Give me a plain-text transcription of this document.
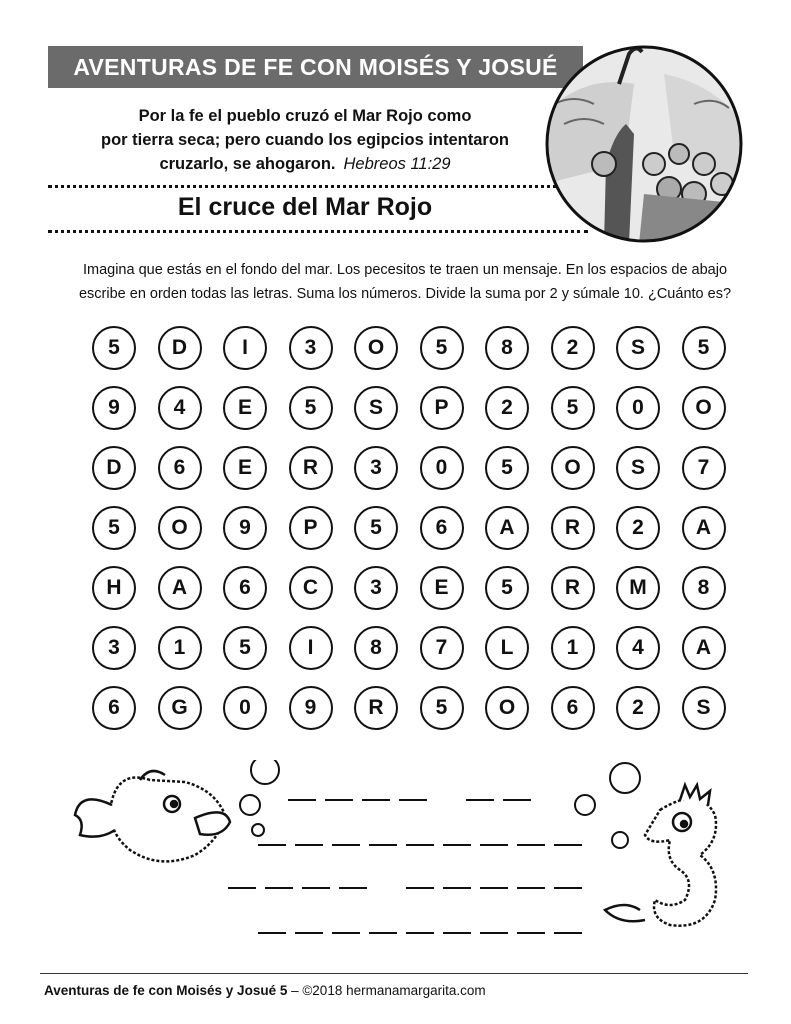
AVENTURAS DE FE CON MOISÉS Y JOSUÉ
Por la fe el pueblo cruzó el Mar Rojo como
por tierra seca; pero cuando los egipcios intentaron
cruzarlo, se ahogaron. Hebreos 11:29
El cruce del Mar Rojo
Imagina que estás en el fondo del mar. Los pecesitos te traen un mensaje. En los espacios de abajo
escribe en orden todas las letras. Suma los números. Divide la suma por 2 y súmale 10. ¿Cuánto es?
5	D	I	3	O	5	8	2	S	5
9	4	E	5	S	P	2	5	0	O
D	6	E	R	3	0	5	O	S	7
5	O	9	P	5	6	A	R	2	A
H	A	6	C	3	E	5	R	M	8
3	1	5	I	8	7	L	1	4	A
6	G	0	9	R	5	O	6	2	S
Aventuras de fe con Moisés y Josué 5 – ©2018 hermanamargarita.com
